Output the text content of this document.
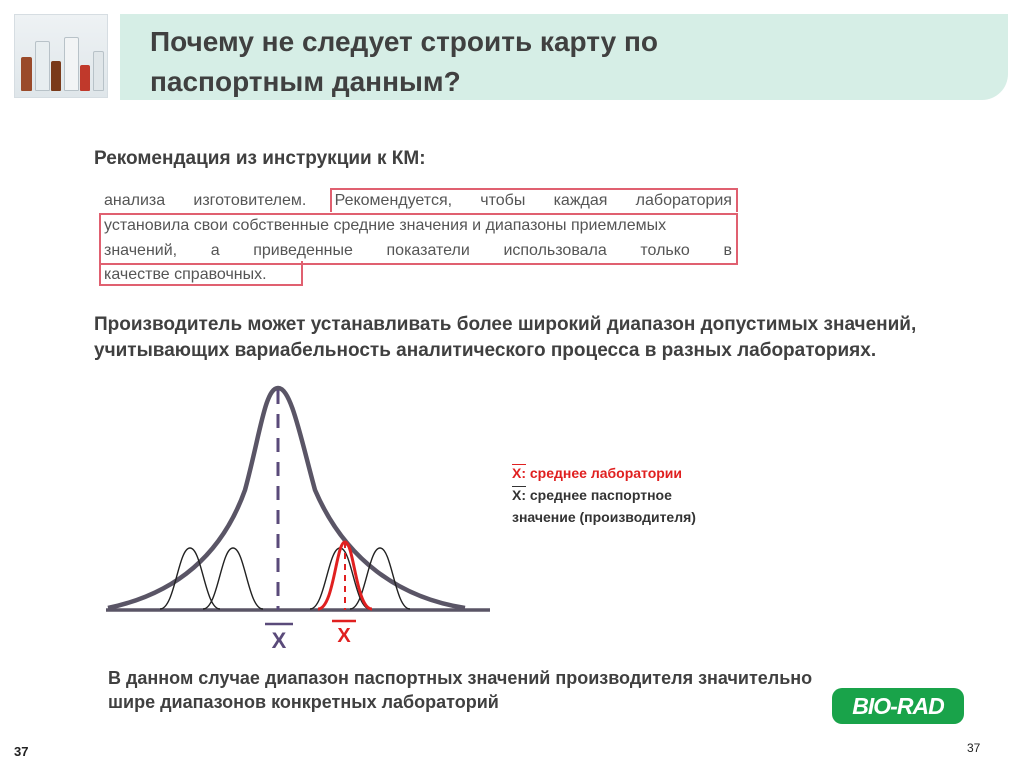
Почему не следует строить карту по паспортным данным?
Рекомендация из инструкции к КМ:
анализа изготовителем. Рекомендуется, чтобы каждая лаборатория
установила свои собственные средние значения и диапазоны приемлемых
значений, а приведенные показатели использовала только в
качестве справочных.
Производитель может устанавливать более широкий диапазон допустимых значений, учитывающих вариабельность аналитического процесса в разных лабораториях.
X	X
X: среднее лаборатории
X: среднее паспортное
значение (производителя)
В данном случае диапазон паспортных значений производителя значительно шире диапазонов конкретных лабораторий	BIO-RAD
37	37
